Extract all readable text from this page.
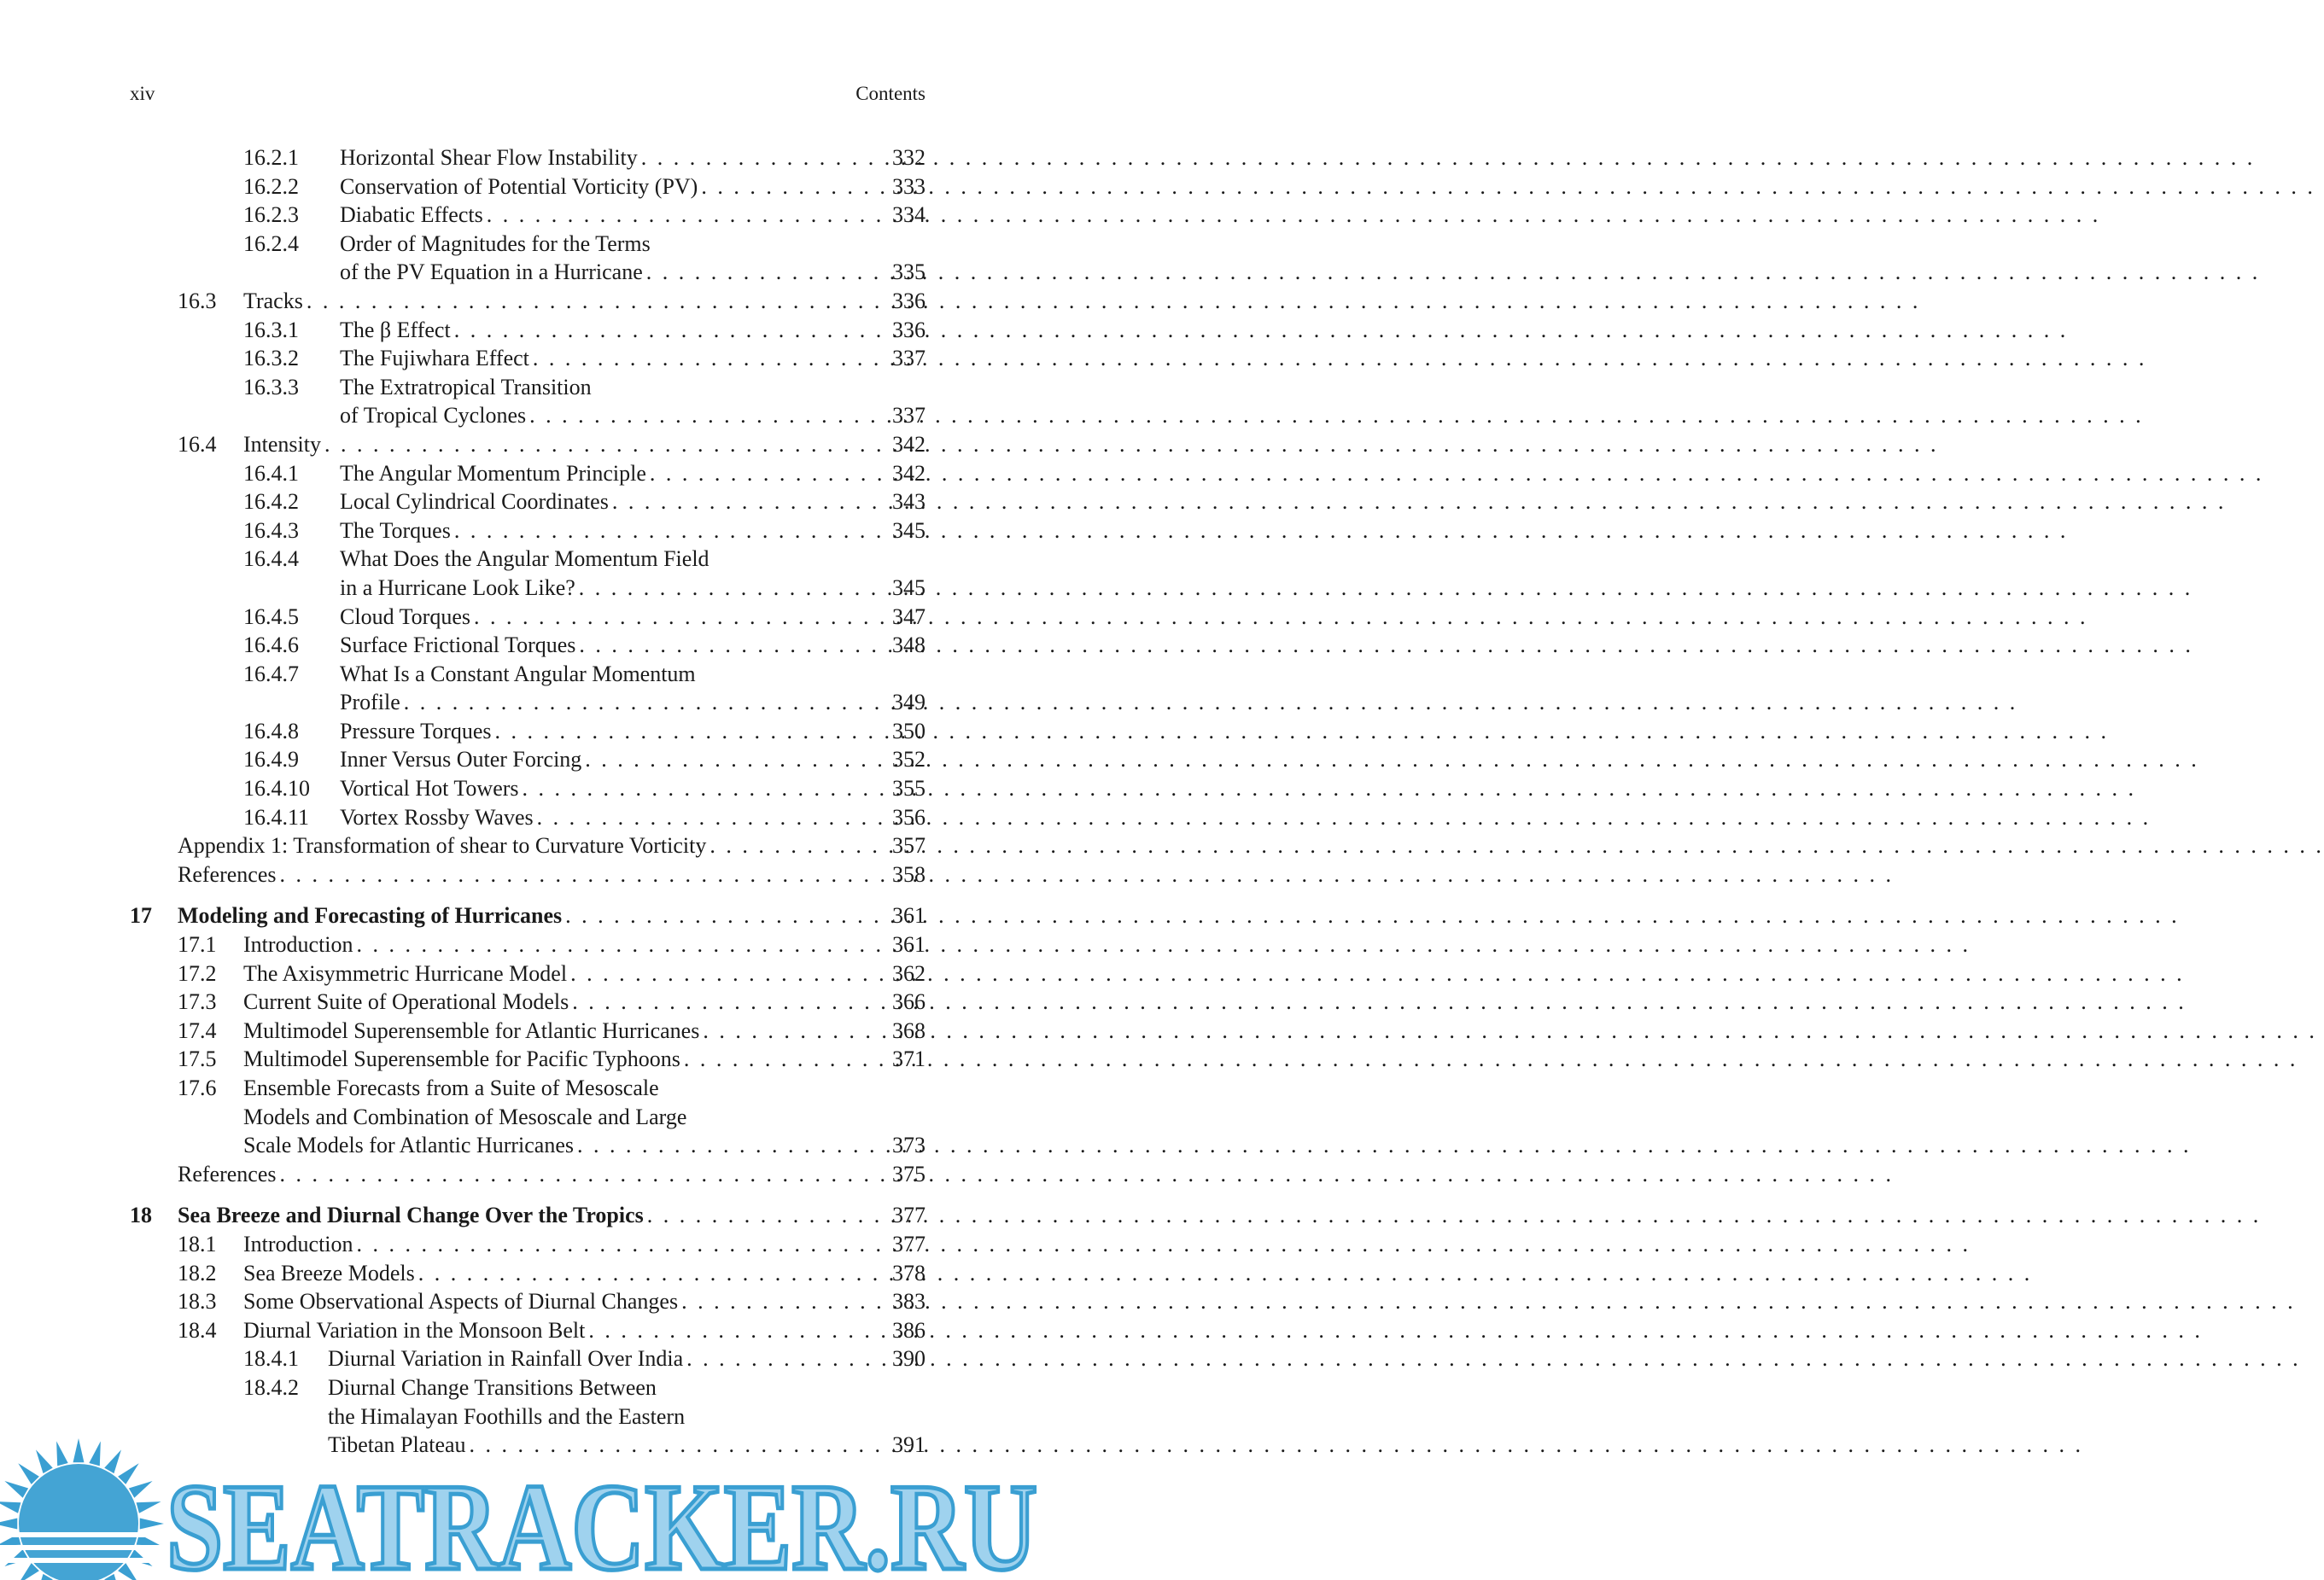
xiv	Contents
16.2.1 Horizontal Shear Flow Instability . . .	332
16.2.2 Conservation of Potential Vorticity (PV) . . .	333
16.2.3 Diabatic Effects . . .	334
16.2.4 Order of Magnitudes for the Terms
of the PV Equation in a Hurricane . . .	335
16.3 Tracks . . .	336
16.3.1 The β Effect . . .	336
16.3.2 The Fujiwhara Effect . . .	337
16.3.3 The Extratropical Transition
of Tropical Cyclones . . .	337
16.4 Intensity . . .	342
16.4.1 The Angular Momentum Principle . . .	342
16.4.2 Local Cylindrical Coordinates . . .	343
16.4.3 The Torques . . .	345
16.4.4 What Does the Angular Momentum Field
in a Hurricane Look Like? . . .	345
16.4.5 Cloud Torques . . .	347
16.4.6 Surface Frictional Torques . . .	348
16.4.7 What Is a Constant Angular Momentum
Profile . . .	349
16.4.8 Pressure Torques . . .	350
16.4.9 Inner Versus Outer Forcing . . .	352
16.4.10 Vortical Hot Towers . . .	355
16.4.11 Vortex Rossby Waves . . .	356
Appendix 1: Transformation of shear to Curvature Vorticity . . .	357
References . . .	358
17 Modeling and Forecasting of Hurricanes . . .	361
17.1 Introduction . . .	361
17.2 The Axisymmetric Hurricane Model . . .	362
17.3 Current Suite of Operational Models . . .	366
17.4 Multimodel Superensemble for Atlantic Hurricanes . . .	368
17.5 Multimodel Superensemble for Pacific Typhoons . . .	371
17.6 Ensemble Forecasts from a Suite of Mesoscale
Models and Combination of Mesoscale and Large
Scale Models for Atlantic Hurricanes . . .	373
References . . .	375
18 Sea Breeze and Diurnal Change Over the Tropics . . .	377
18.1 Introduction . . .	377
18.2 Sea Breeze Models . . .	378
18.3 Some Observational Aspects of Diurnal Changes . . .	383
18.4 Diurnal Variation in the Monsoon Belt . . .	386
18.4.1 Diurnal Variation in Rainfall Over India . . .	390
18.4.2 Diurnal Change Transitions Between
the Himalayan Foothills and the Eastern
Tibetan Plateau . . .	391
SEATRACKER.RU
